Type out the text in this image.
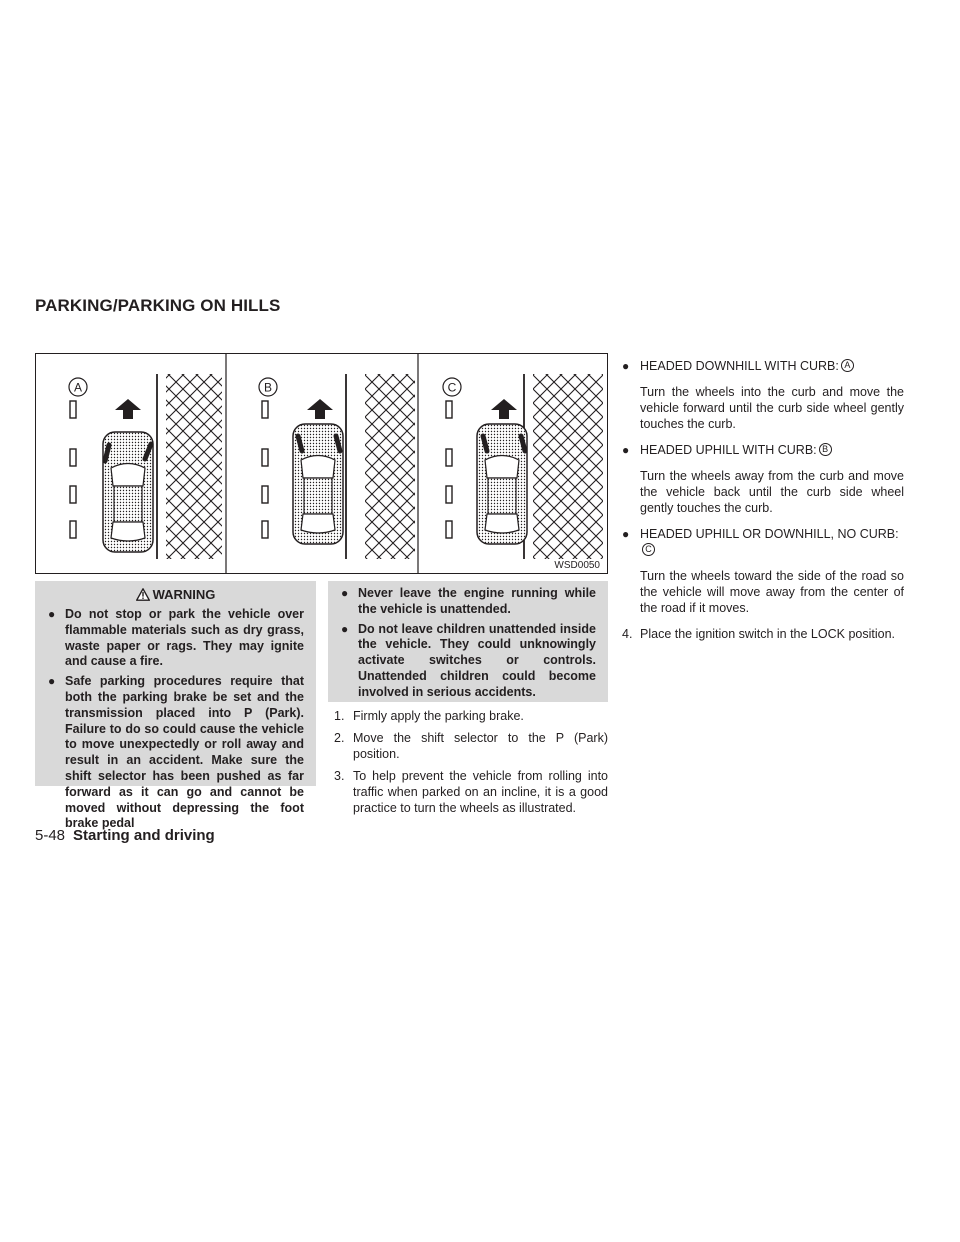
PARKING/PARKING ON HILLS
A	B	C
WSD0050
WARNING
● Do not stop or park the vehicle over flammable materials such as dry grass, waste paper or rags. They may ignite and cause a fire.
● Safe parking procedures require that both the parking brake be set and the transmission placed into P (Park). Failure to do so could cause the vehicle to move unexpectedly or roll away and result in an accident. Make sure the shift selector has been pushed as far forward as it can go and cannot be moved without depressing the foot brake pedal
● Never leave the engine running while the vehicle is unattended.
● Do not leave children unattended inside the vehicle. They could unknowingly activate switches or controls. Unattended children could become involved in serious accidents.
1. Firmly apply the parking brake.
2. Move the shift selector to the P (Park) position.
3. To help prevent the vehicle from rolling into traffic when parked on an incline, it is a good practice to turn the wheels as illustrated.
● HEADED DOWNHILL WITH CURB: A
Turn the wheels into the curb and move the vehicle forward until the curb side wheel gently touches the curb.
● HEADED UPHILL WITH CURB: B
Turn the wheels away from the curb and move the vehicle back until the curb side wheel gently touches the curb.
● HEADED UPHILL OR DOWNHILL, NO CURB:C
Turn the wheels toward the side of the road so the vehicle will move away from the center of the road if it moves.
4. Place the ignition switch in the LOCK position.
5-48 Starting and driving
